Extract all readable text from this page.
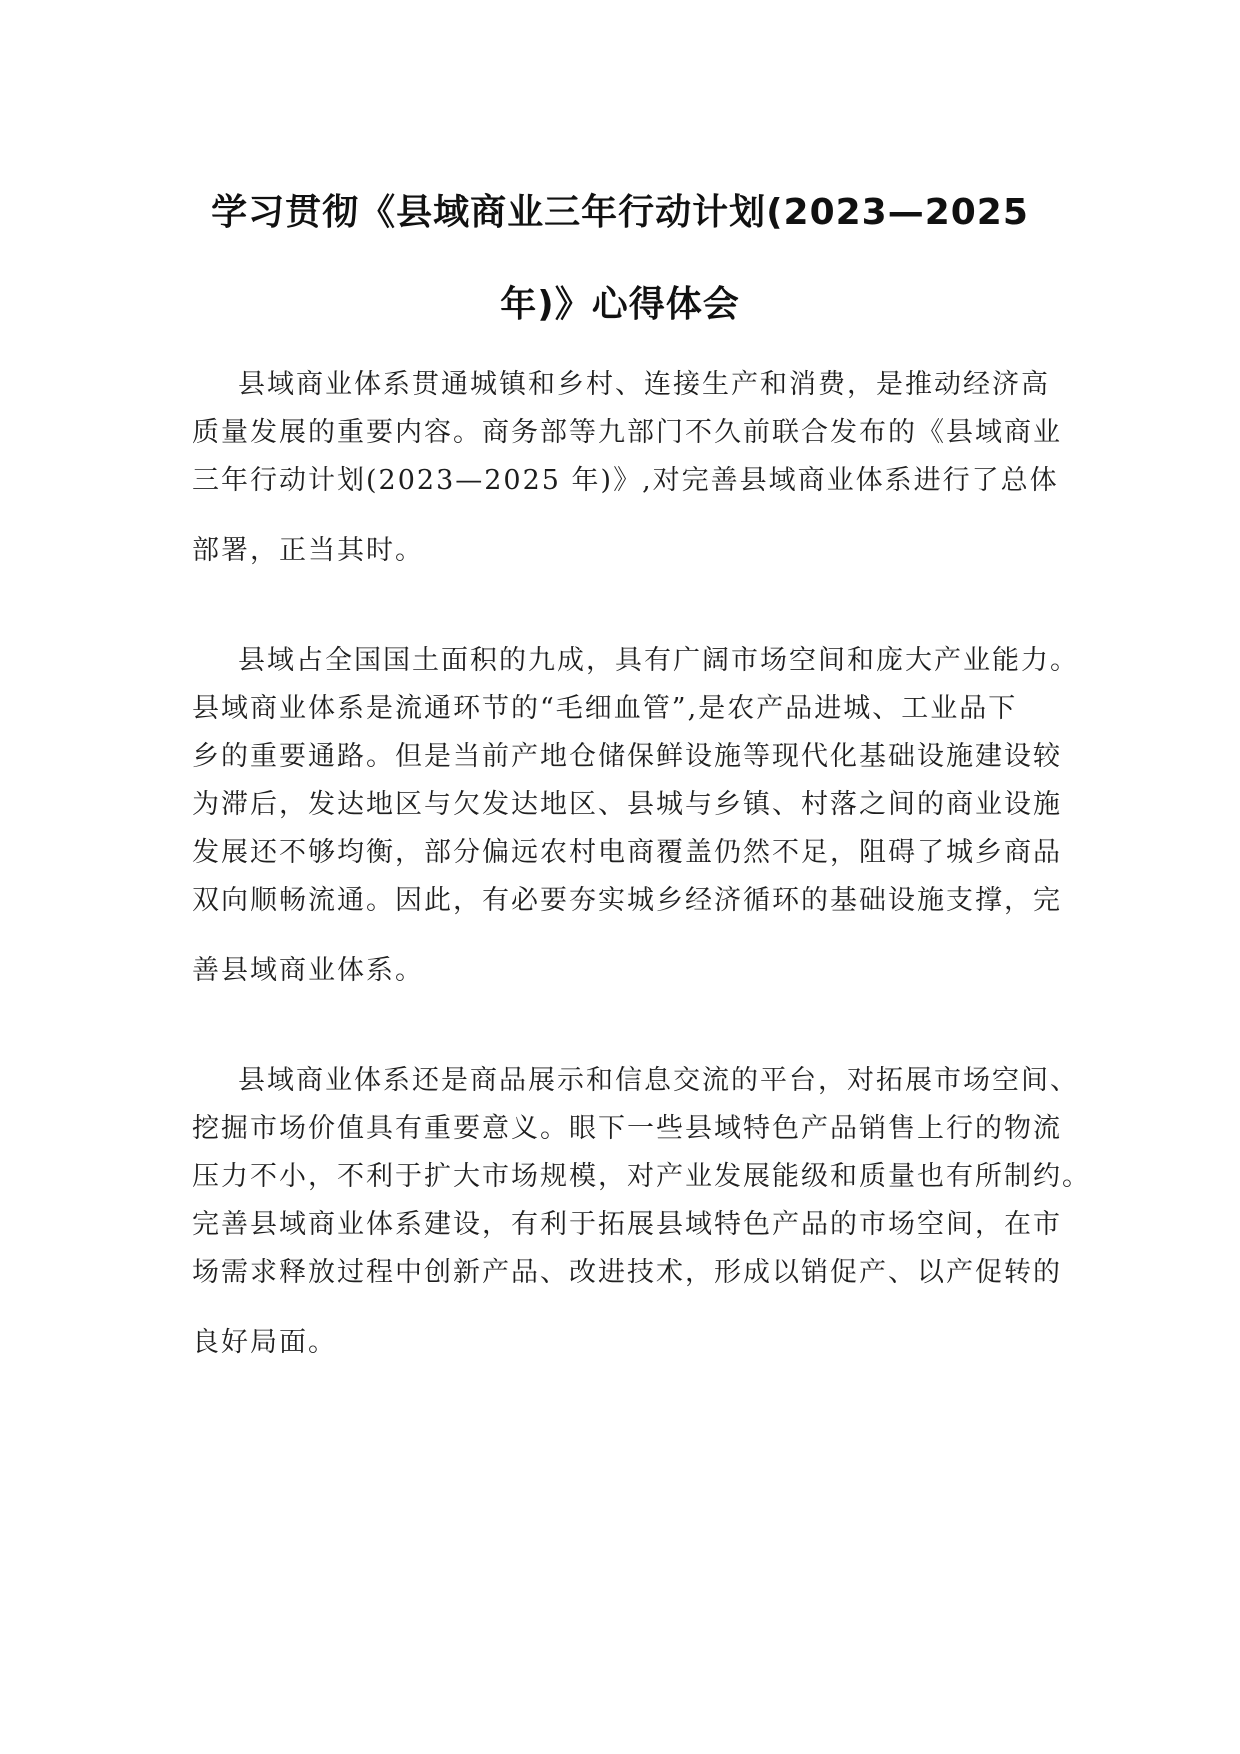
学习贯彻《县域商业三年行动计划(2023—2025
年)》心得体会
县域商业体系贯通城镇和乡村、连接生产和消费，是推动经济高
质量发展的重要内容。商务部等九部门不久前联合发布的《县域商业
三年行动计划(2023—2025 年)》,对完善县域商业体系进行了总体
部署，正当其时。
县域占全国国土面积的九成，具有广阔市场空间和庞大产业能力。
县域商业体系是流通环节的“毛细血管”,是农产品进城、工业品下
乡的重要通路。但是当前产地仓储保鲜设施等现代化基础设施建设较
为滞后，发达地区与欠发达地区、县城与乡镇、村落之间的商业设施
发展还不够均衡，部分偏远农村电商覆盖仍然不足，阻碍了城乡商品
双向顺畅流通。因此，有必要夯实城乡经济循环的基础设施支撑，完
善县域商业体系。
县域商业体系还是商品展示和信息交流的平台，对拓展市场空间、
挖掘市场价值具有重要意义。眼下一些县域特色产品销售上行的物流
压力不小，不利于扩大市场规模，对产业发展能级和质量也有所制约。
完善县域商业体系建设，有利于拓展县域特色产品的市场空间，在市
场需求释放过程中创新产品、改进技术，形成以销促产、以产促转的
良好局面。
